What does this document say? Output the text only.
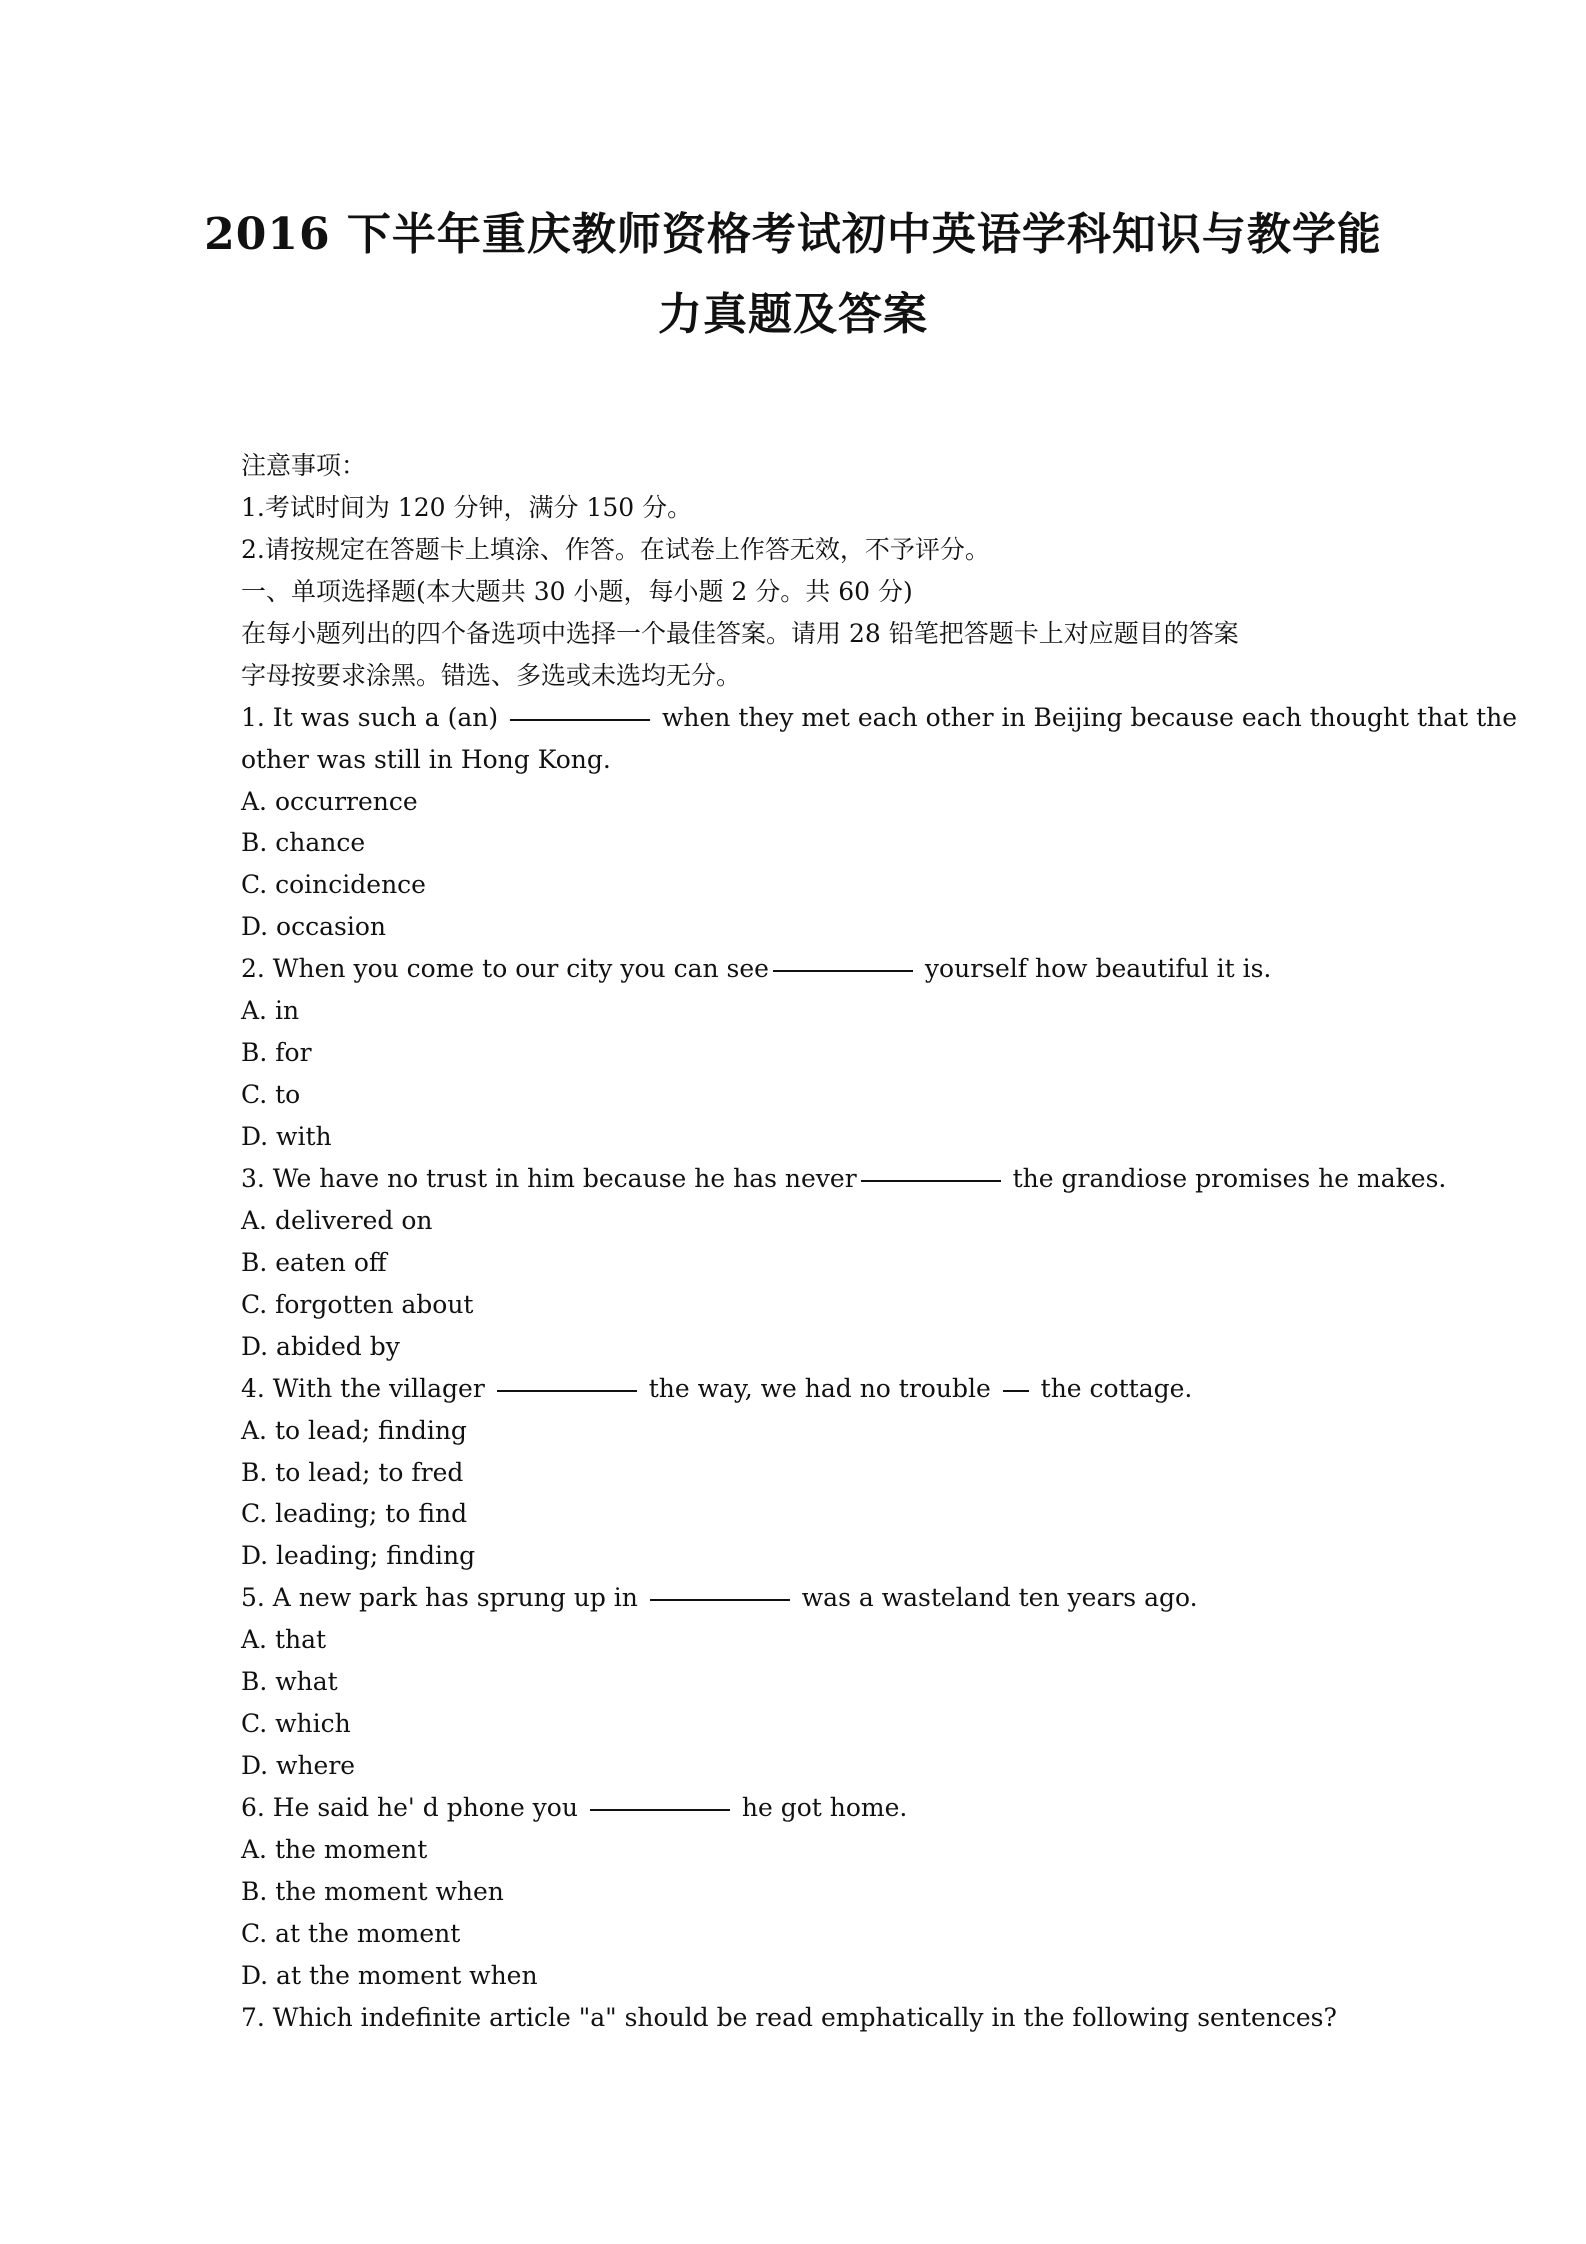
2016 下半年重庆教师资格考试初中英语学科知识与教学能
力真题及答案
注意事项：
1.考试时间为 120 分钟，满分 150 分。
2.请按规定在答题卡上填涂、作答。在试卷上作答无效，不予评分。
一、单项选择题(本大题共 30 小题，每小题 2 分。共 60 分)
在每小题列出的四个备选项中选择一个最佳答案。请用 28 铅笔把答题卡上对应题目的答案
字母按要求涂黑。错选、多选或未选均无分。
1. It was such a (an)	when they met each other in Beijing because each thought that the
other was still in Hong Kong.
A. occurrence
B. chance
C. coincidence
D. occasion
2. When you come to our city you can see	yourself how beautiful it is.
A. in
B. for
C. to
D. with
3. We have no trust in him because he has never	the grandiose promises he makes.
A. delivered on
B. eaten off
C. forgotten about
D. abided by
4. With the villager	the way, we had no trouble the cottage.
A. to lead; finding
B. to lead; to fred
C. leading; to find
D. leading; finding
5. A new park has sprung up in	was a wasteland ten years ago.
A. that
B. what
C. which
D. where
6. He said he' d phone you	he got home.
A. the moment
B. the moment when
C. at the moment
D. at the moment when
7. Which indefinite article "a" should be read emphatically in the following sentences?
